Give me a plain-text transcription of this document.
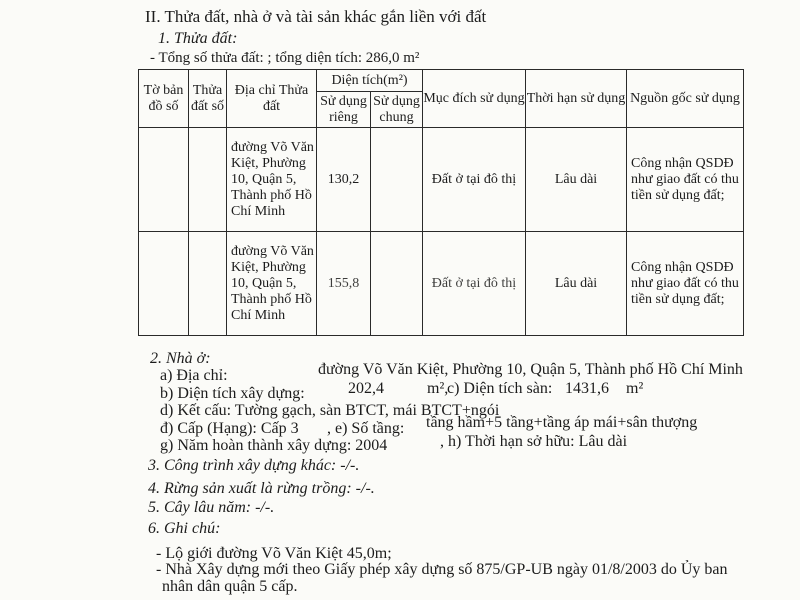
II. Thửa đất, nhà ở và tài sản khác gắn liền với đất
1. Thửa đất:
- Tổng số thửa đất: ; tổng diện tích: 286,0 m²
Tờ bản đồ số	Thửa đất số	Địa chỉ Thửa đất	Diện tích(m²)		Mục đích sử dụng	Thời hạn sử dụng	Nguồn gốc sử dụng
			Sử dụng riêng	Sử dụng chung			
		đường Võ Văn Kiệt, Phường 10, Quận 5, Thành phố Hồ Chí Minh	130,2		Đất ở tại đô thị	Lâu dài	Công nhận QSDĐ như giao đất có thu tiền sử dụng đất;
		đường Võ Văn Kiệt, Phường 10, Quận 5, Thành phố Hồ Chí Minh	155,8		Đất ở tại đô thị	Lâu dài	Công nhận QSDĐ như giao đất có thu tiền sử dụng đất;
2. Nhà ở:
a) Địa chỉ:	đường Võ Văn Kiệt, Phường 10, Quận 5, Thành phố Hồ Chí Minh
b) Diện tích xây dựng:	202,4	m²,
c) Diện tích sàn: 1431,6 m²
d) Kết cấu: Tường gạch, sàn BTCT, mái BTCT+ngói
đ) Cấp (Hạng): Cấp 3 , e) Số tầng: tầng hầm+5 tầng+tầng áp mái+sân thượng
g) Năm hoàn thành xây dựng: 2004	, h) Thời hạn sở hữu: Lâu dài
3. Công trình xây dựng khác: -/-.
4. Rừng sản xuất là rừng trồng: -/-.
5. Cây lâu năm: -/-.
6. Ghi chú:
- Lộ giới đường Võ Văn Kiệt 45,0m;
- Nhà Xây dựng mới theo Giấy phép xây dựng số 875/GP-UB ngày 01/8/2003 do Ủy ban
nhân dân quận 5 cấp.
